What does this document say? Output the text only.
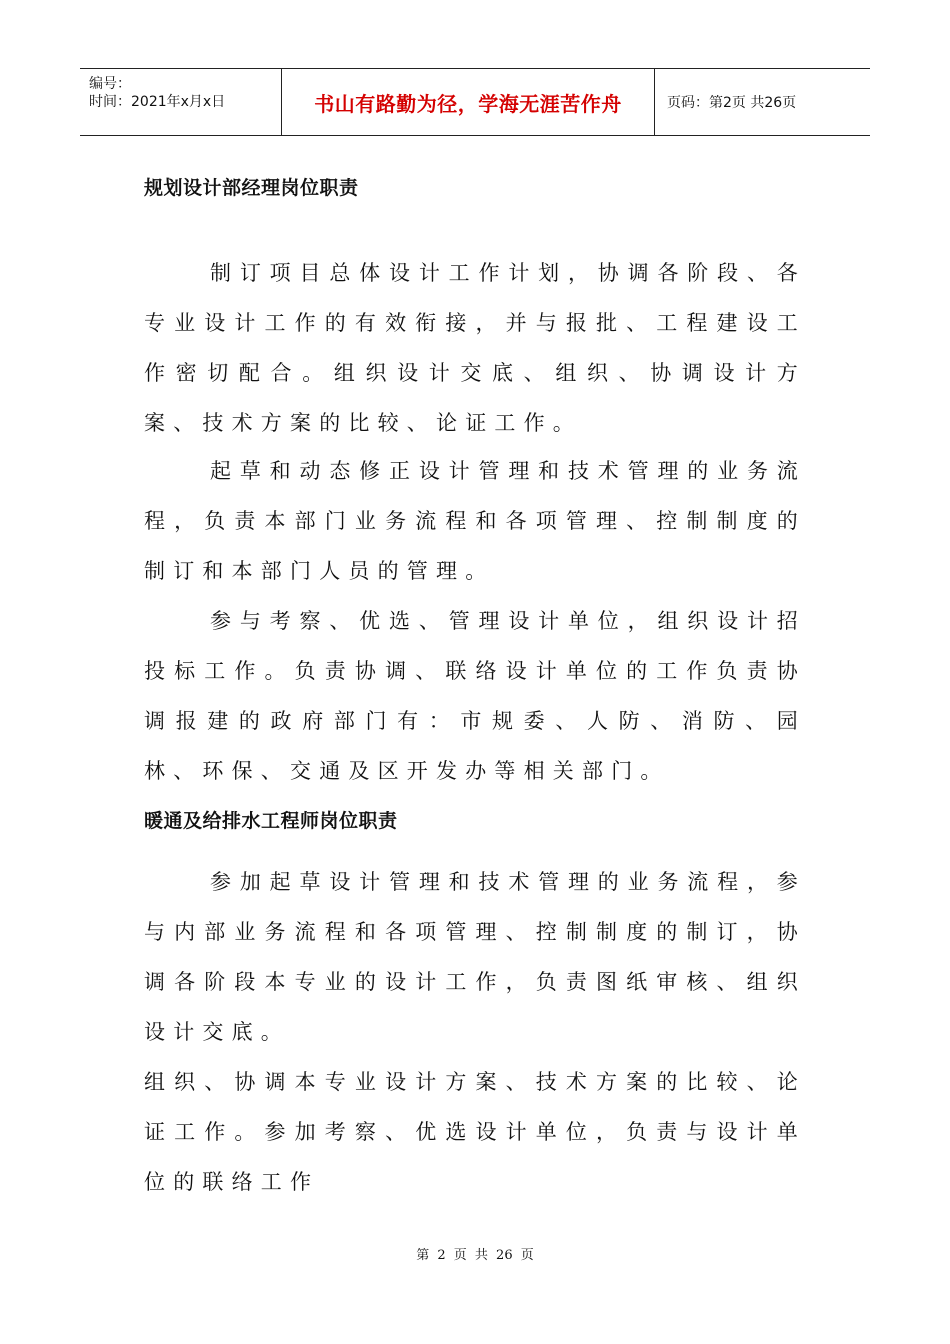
编号：
时间：2021年x月x日	书山有路勤为径，学海无涯苦作舟	页码：第2页 共26页
规划设计部经理岗位职责

制订项目总体设计工作计划，协调各阶段、各专业设计工作的有效衔接，并与报批、工程建设工作密切配合。组织设计交底、组织、协调设计方案、技术方案的比较、论证工作。

起草和动态修正设计管理和技术管理的业务流程，负责本部门业务流程和各项管理、控制制度的制订和本部门人员的管理。

参与考察、优选、管理设计单位，组织设计招投标工作。负责协调、联络设计单位的工作负责协调报建的政府部门有：市规委、人防、消防、园林、环保、交通及区开发办等相关部门。

暖通及给排水工程师岗位职责

参加起草设计管理和技术管理的业务流程，参与内部业务流程和各项管理、控制制度的制订，协调各阶段本专业的设计工作，负责图纸审核、组织设计交底。

组织、协调本专业设计方案、技术方案的比较、论证工作。参加考察、优选设计单位，负责与设计单位的联络工作

第 2 页 共 26 页
